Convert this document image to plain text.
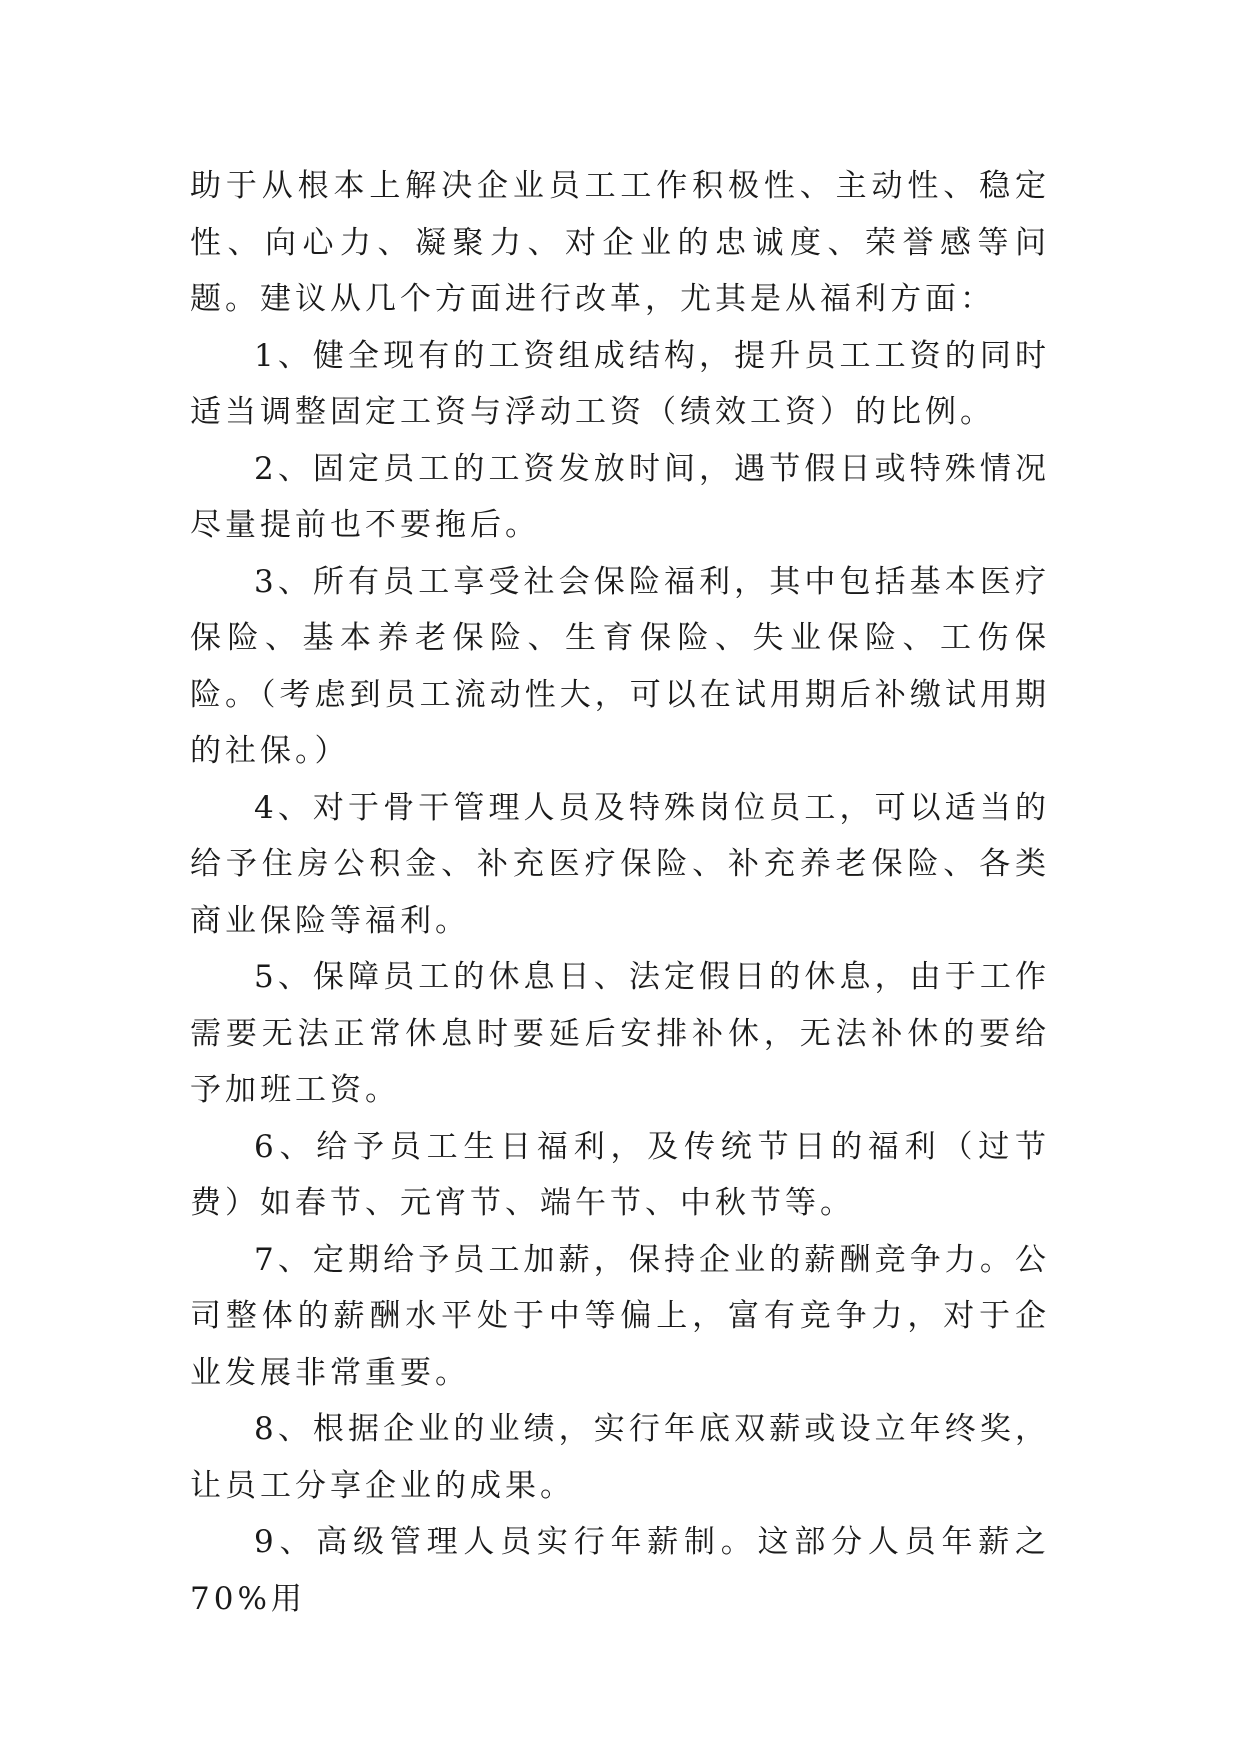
助于从根本上解决企业员工工作积极性、主动性、稳定性、向心力、凝聚力、对企业的忠诚度、荣誉感等问题。建议从几个方面进行改革，尤其是从福利方面：

1、健全现有的工资组成结构，提升员工工资的同时适当调整固定工资与浮动工资（绩效工资）的比例。

2、固定员工的工资发放时间，遇节假日或特殊情况尽量提前也不要拖后。

3、所有员工享受社会保险福利，其中包括基本医疗保险、基本养老保险、生育保险、失业保险、工伤保险。（考虑到员工流动性大，可以在试用期后补缴试用期的社保。）

4、对于骨干管理人员及特殊岗位员工，可以适当的给予住房公积金、补充医疗保险、补充养老保险、各类商业保险等福利。

5、保障员工的休息日、法定假日的休息，由于工作需要无法正常休息时要延后安排补休，无法补休的要给予加班工资。

6、给予员工生日福利，及传统节日的福利（过节费）如春节、元宵节、端午节、中秋节等。

7、定期给予员工加薪，保持企业的薪酬竞争力。公司整体的薪酬水平处于中等偏上，富有竞争力，对于企业发展非常重要。

8、根据企业的业绩，实行年底双薪或设立年终奖，让员工分享企业的成果。

9、高级管理人员实行年薪制。这部分人员年薪之 70%用
